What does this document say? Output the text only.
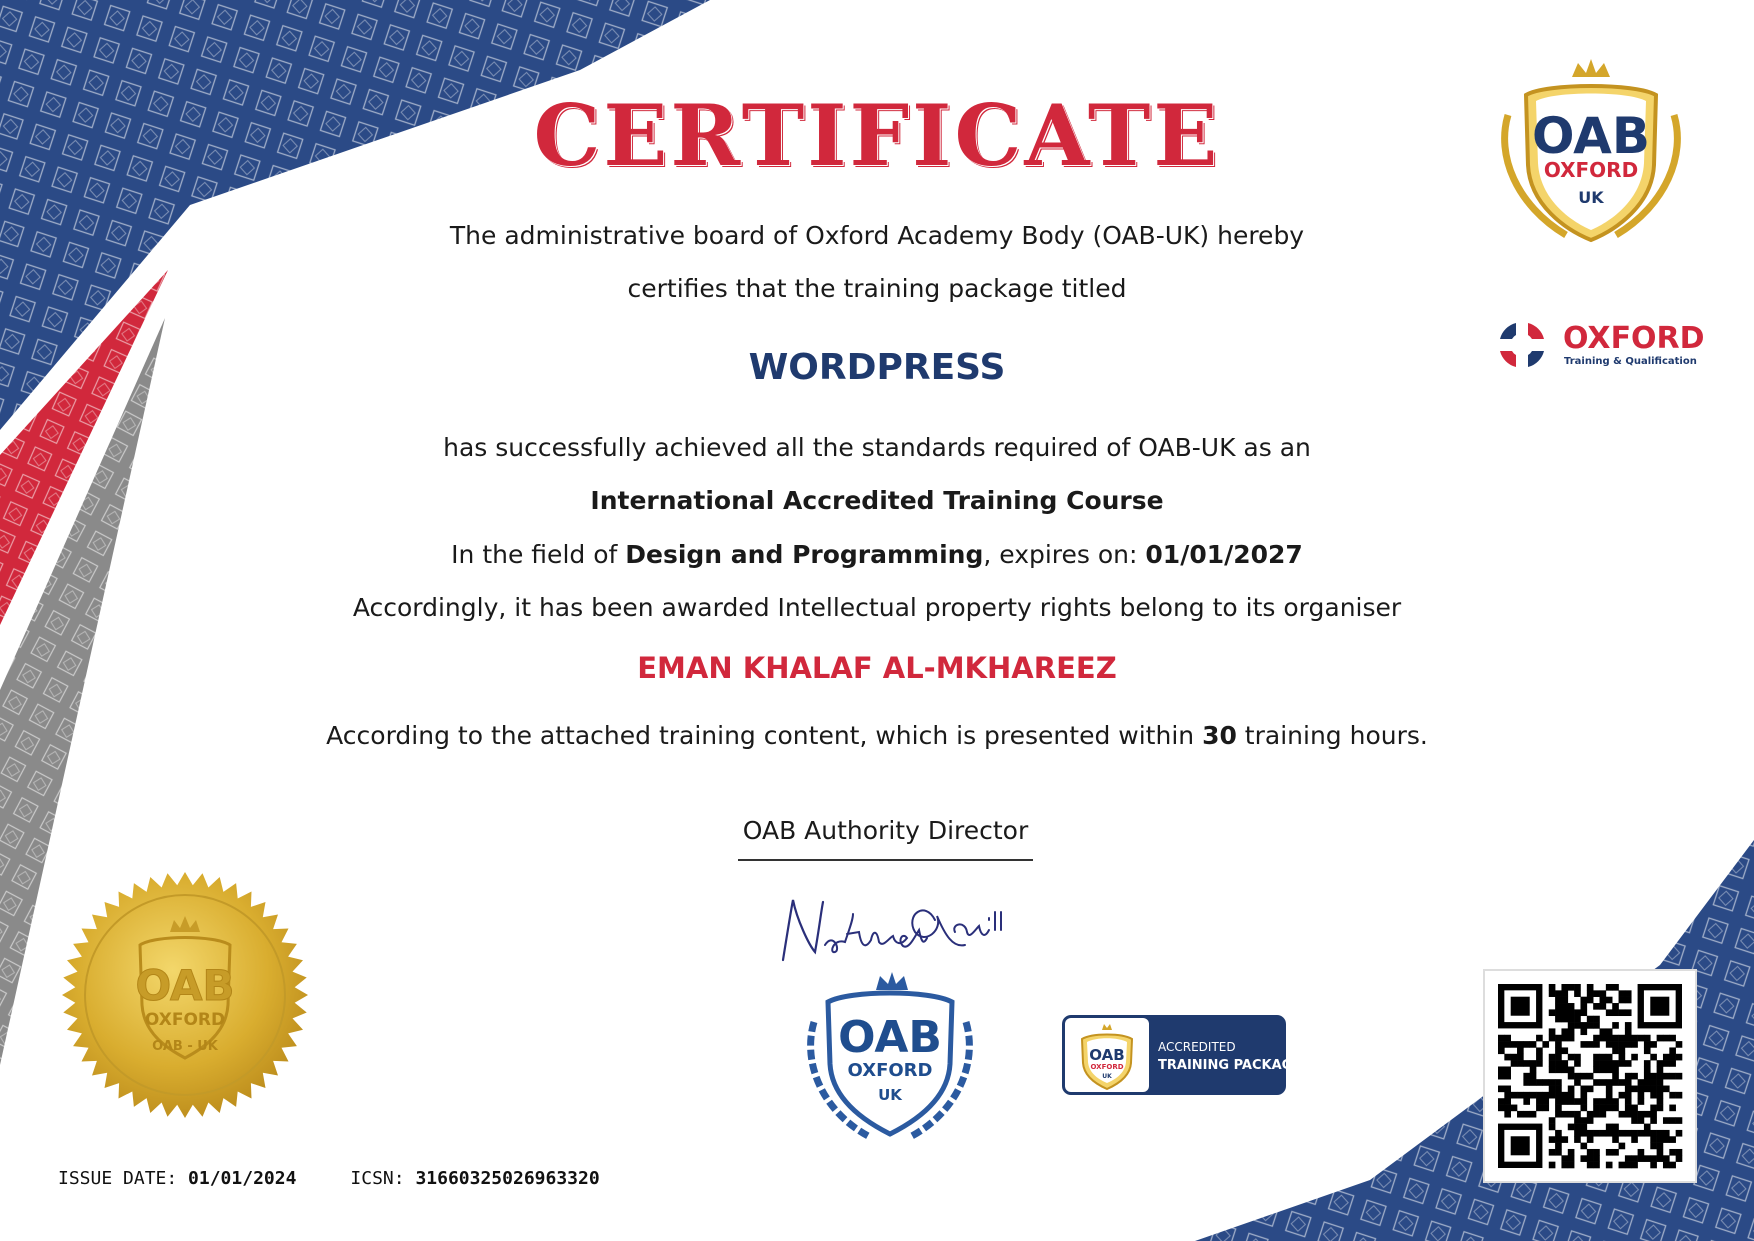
CERTIFICATE
The administrative board of Oxford Academy Body (OAB-UK) hereby
certifies that the training package titled
WORDPRESS
has successfully achieved all the standards required of OAB-UK as an
International Accredited Training Course
In the field of Design and Programming, expires on: 01/01/2027
Accordingly, it has been awarded Intellectual property rights belong to its organiser
EMAN KHALAF AL-MKHAREEZ
According to the attached training content, which is presented within 30 training hours.
OAB Authority Director
OAB
OXFORD
UK
OXFORD
Training & Qualification
OAB
OXFORD
OAB - UK	OAB
OXFORD
UK
OAB
OXFORD
UK
ACCREDITED
TRAINING PACKAGE
ISSUE DATE: 01/01/2024	ICSN: 31660325026963320
